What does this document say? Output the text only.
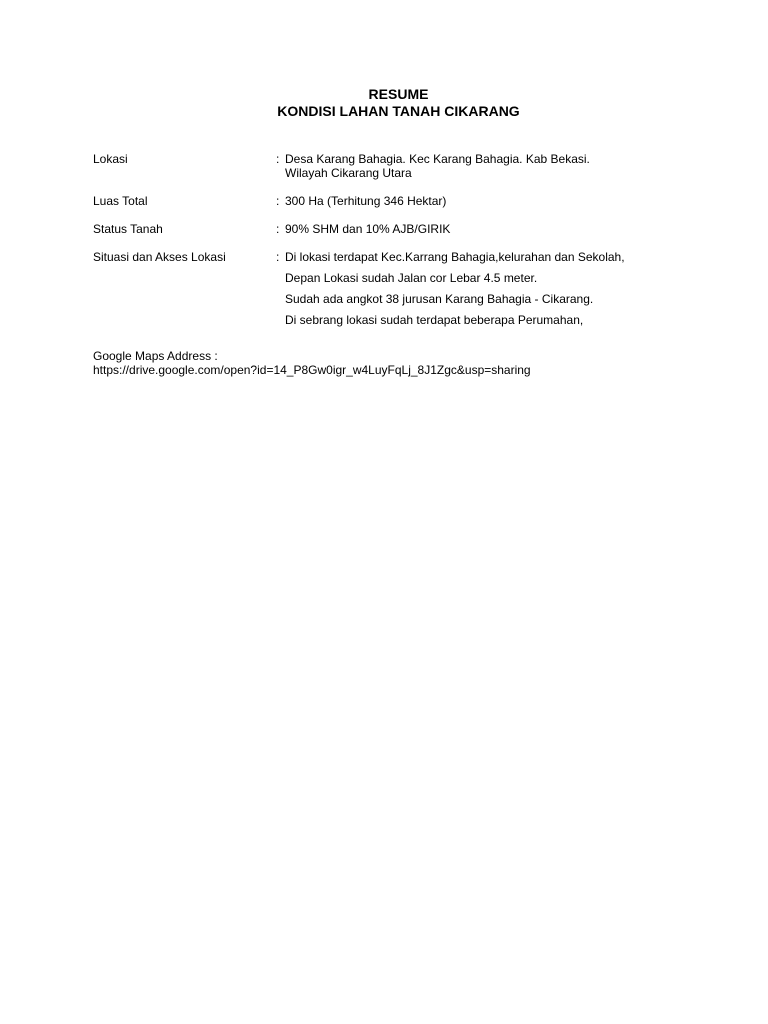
RESUME
KONDISI LAHAN TANAH CIKARANG
Lokasi	: Desa Karang Bahagia. Kec Karang Bahagia. Kab Bekasi.
Wilayah Cikarang Utara
Luas Total	: 300 Ha (Terhitung 346 Hektar)
Status Tanah	: 90% SHM dan 10% AJB/GIRIK
Situasi dan Akses Lokasi	: Di lokasi terdapat Kec.Karrang Bahagia,kelurahan dan Sekolah,
Depan Lokasi sudah Jalan cor Lebar 4.5 meter.
Sudah ada angkot 38 jurusan Karang Bahagia - Cikarang.
Di sebrang lokasi sudah terdapat beberapa Perumahan,
Google Maps Address :
https://drive.google.com/open?id=14_P8Gw0igr_w4LuyFqLj_8J1Zgc&usp=sharing
